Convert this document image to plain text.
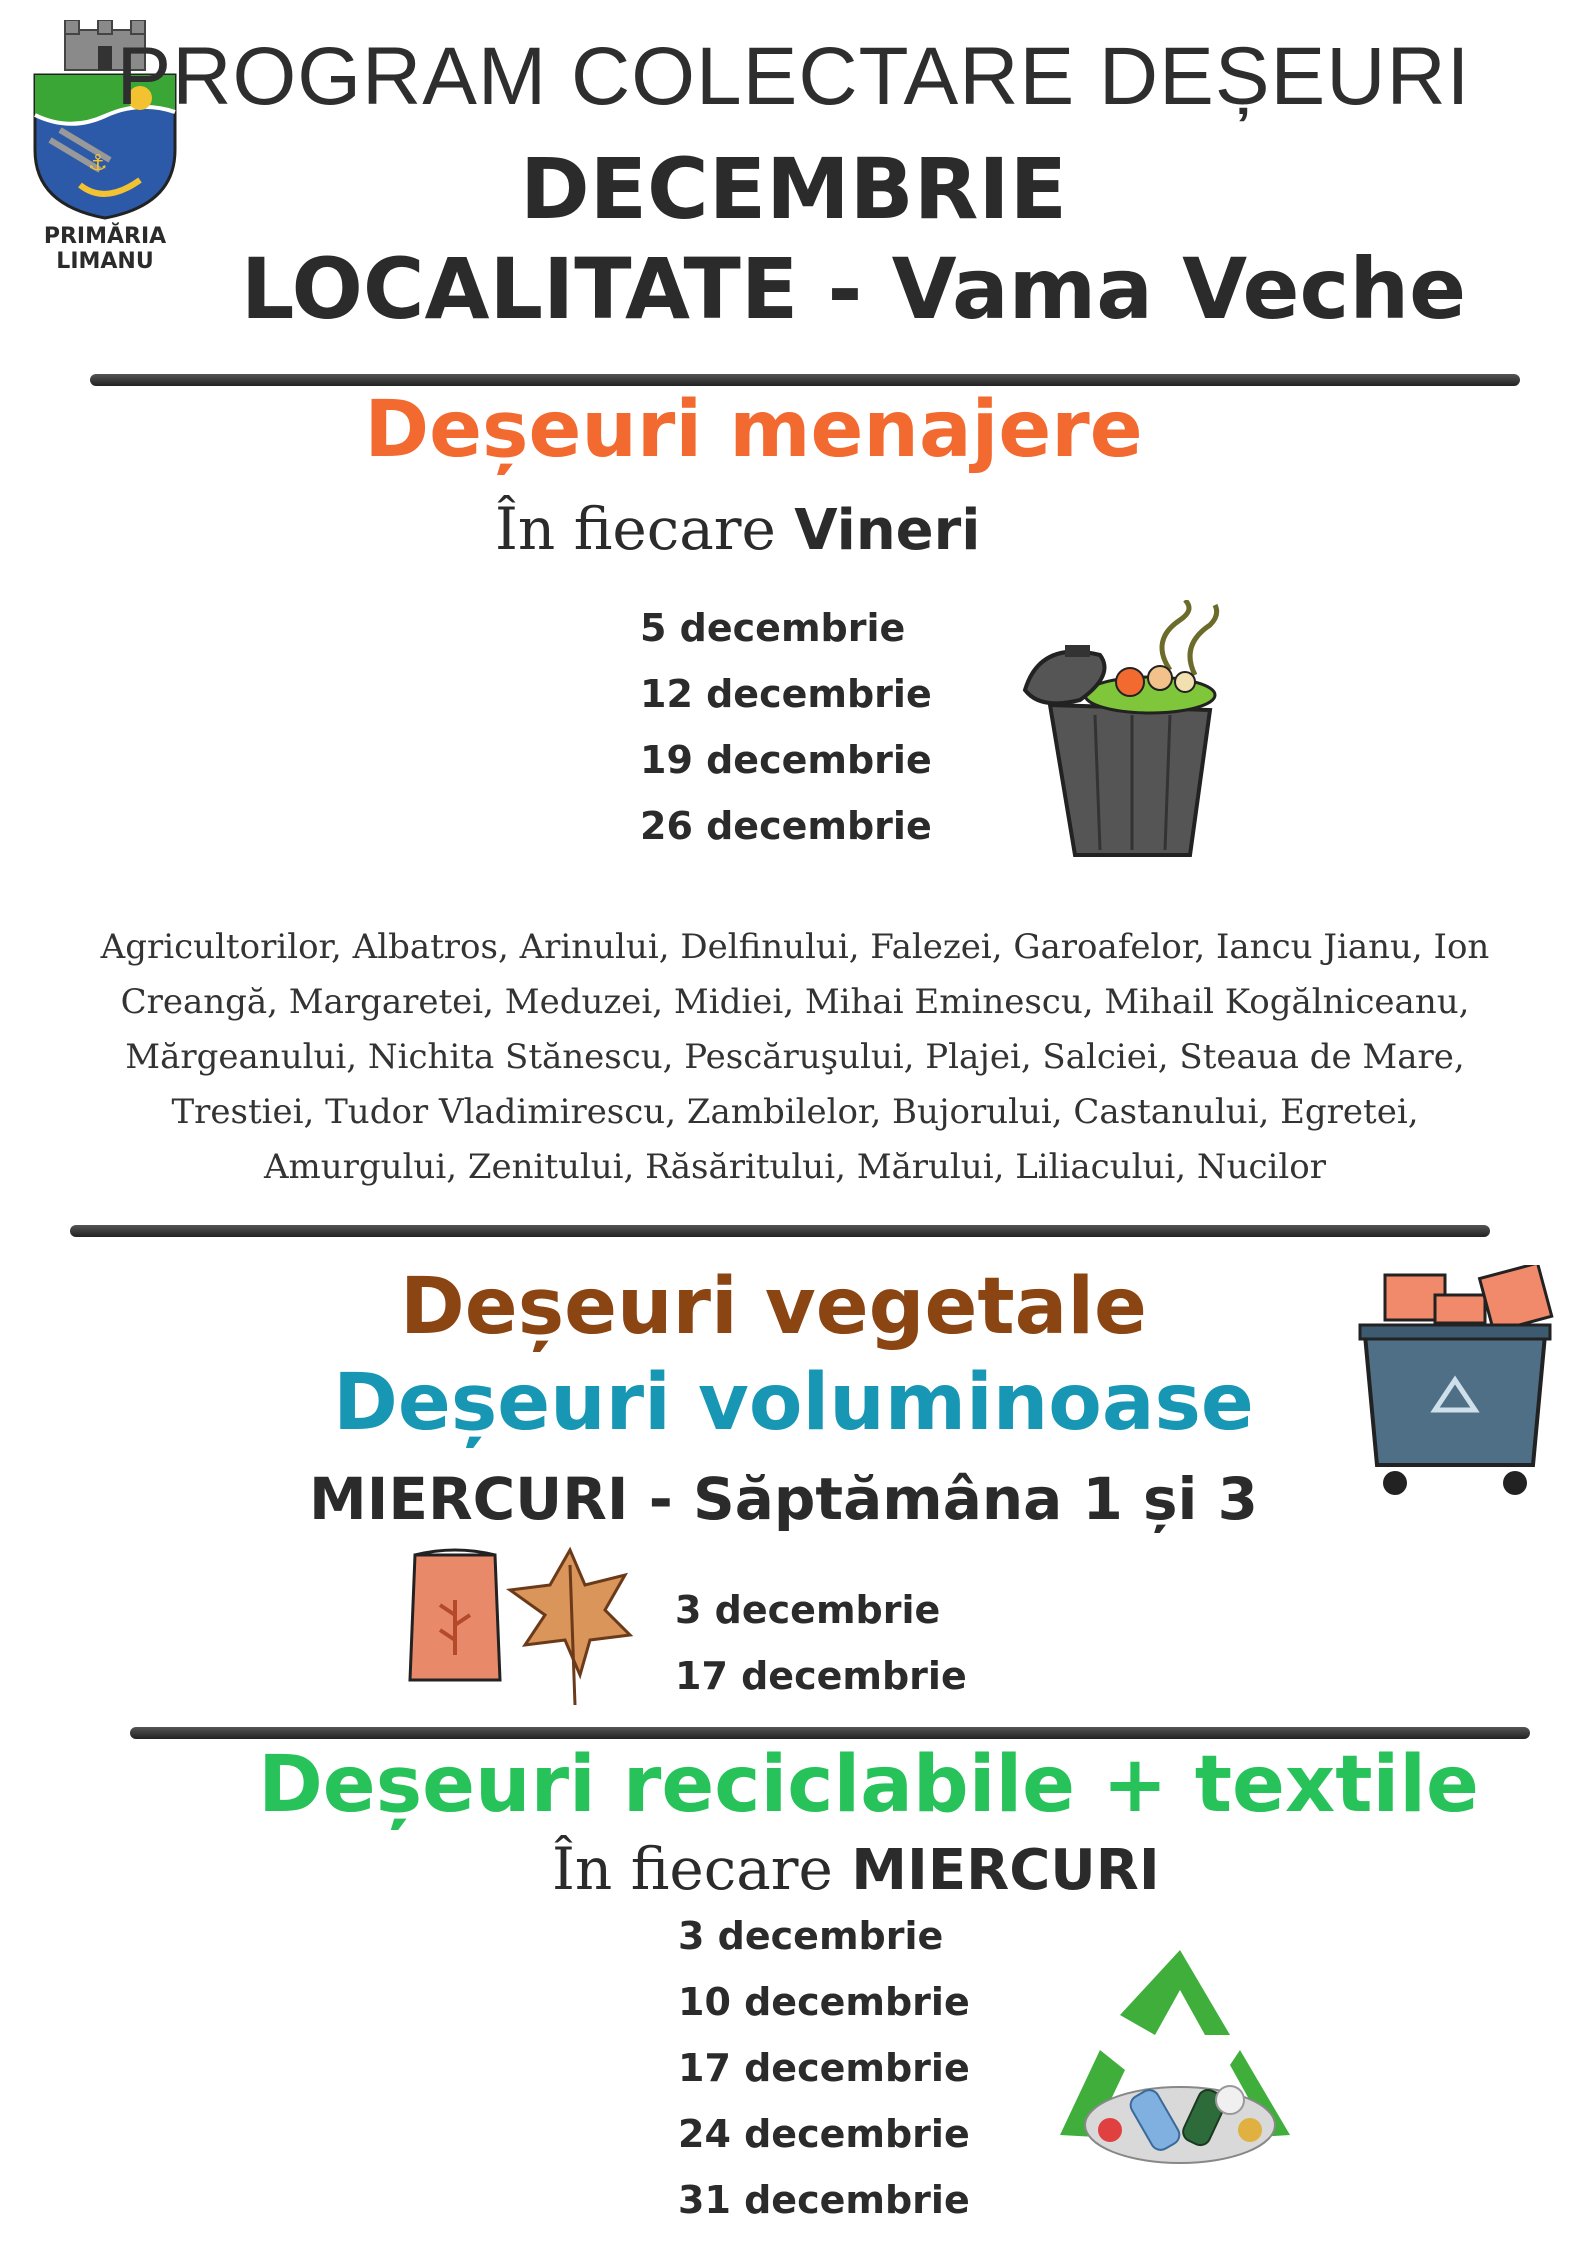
⚓
PRIMĂRIA
LIMANU
PROGRAM COLECTARE DEȘEURI
DECEMBRIE
LOCALITATE - Vama Veche
Deșeuri menajere
În fiecare Vineri
5 decembrie
12 decembrie
19 decembrie
26 decembrie
Agricultorilor, Albatros, Arinului, Delfinului, Falezei, Garoafelor, Iancu Jianu, Ion Creangă, Margaretei, Meduzei, Midiei, Mihai Eminescu, Mihail Kogălniceanu, Mărgeanului, Nichita Stănescu, Pescăruşului, Plajei, Salciei, Steaua de Mare, Trestiei, Tudor Vladimirescu, Zambilelor, Bujorului, Castanului, Egretei, Amurgului, Zenitului, Răsăritului, Mărului, Liliacului, Nucilor
Deșeuri vegetale
Deșeuri voluminoase
MIERCURI - Săptămâna 1 și 3
3 decembrie
17 decembrie
Deșeuri reciclabile + textile
În fiecare MIERCURI
3 decembrie
10 decembrie
17 decembrie
24 decembrie
31 decembrie
